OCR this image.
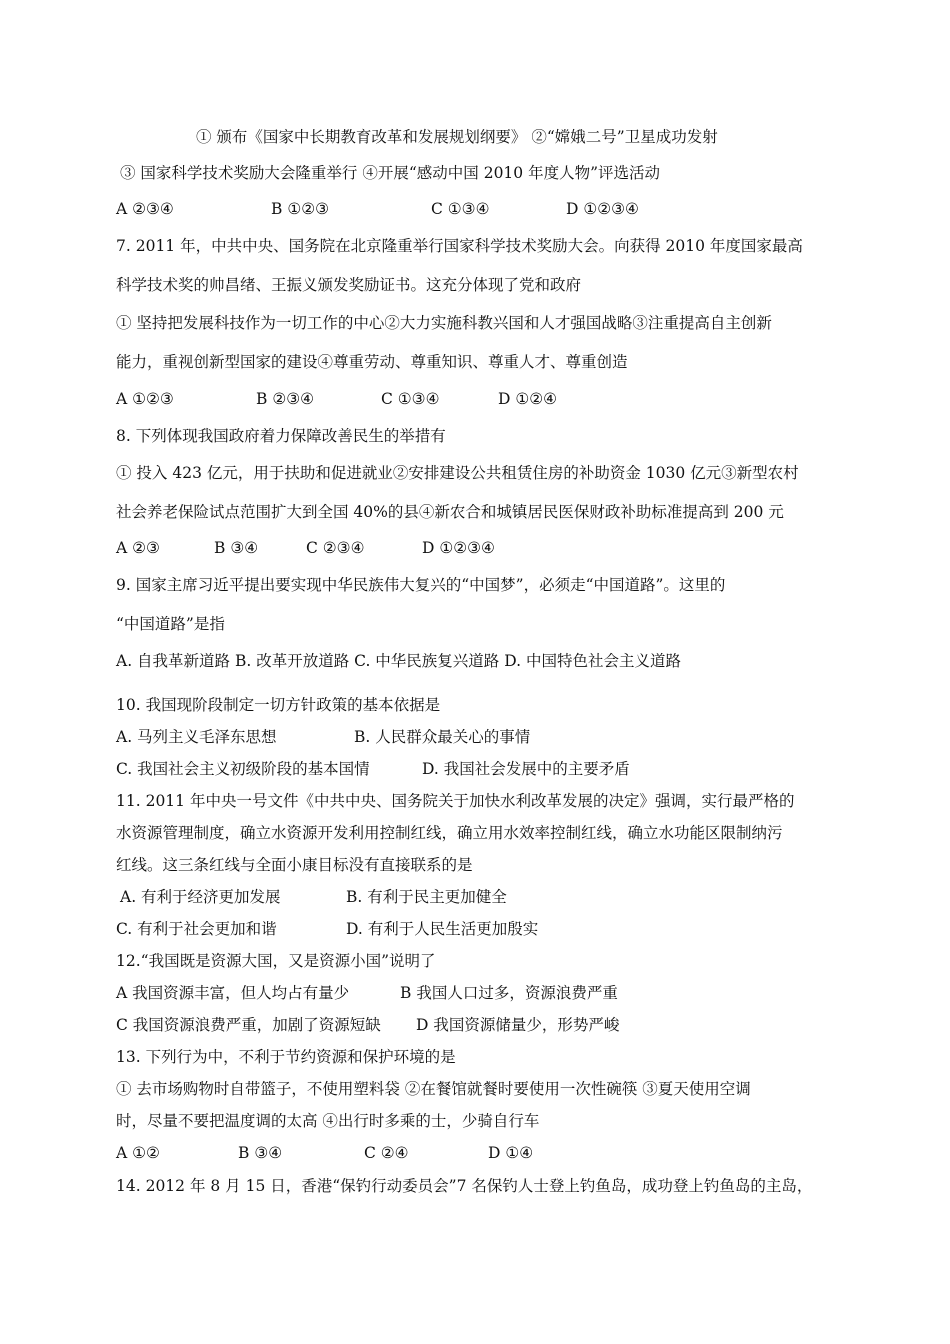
① 颁布《国家中长期教育改革和发展规划纲要》 ②“嫦娥二号”卫星成功发射
③ 国家科学技术奖励大会隆重举行 ④开展“感动中国 2010 年度人物”评选活动
A ②③④	B ①②③	C ①③④	D ①②③④
7. 2011 年，中共中央、国务院在北京隆重举行国家科学技术奖励大会。向获得 2010 年度国家最高
科学技术奖的帅昌绪、王振义颁发奖励证书。这充分体现了党和政府
① 坚持把发展科技作为一切工作的中心②大力实施科教兴国和人才强国战略③注重提高自主创新
能力，重视创新型国家的建设④尊重劳动、尊重知识、尊重人才、尊重创造
A ①②③	B ②③④	C ①③④	D ①②④
8. 下列体现我国政府着力保障改善民生的举措有
① 投入 423 亿元，用于扶助和促进就业②安排建设公共租赁住房的补助资金 1030 亿元③新型农村
社会养老保险试点范围扩大到全国 40%的县④新农合和城镇居民医保财政补助标准提高到 200 元
A ②③	B ③④	C ②③④	D ①②③④
9. 国家主席习近平提出要实现中华民族伟大复兴的“中国梦”，必须走“中国道路”。这里的
“中国道路”是指
A. 自我革新道路 B. 改革开放道路 C. 中华民族复兴道路 D. 中国特色社会主义道路
10. 我国现阶段制定一切方针政策的基本依据是
A. 马列主义毛泽东思想	B. 人民群众最关心的事情
C. 我国社会主义初级阶段的基本国情	D. 我国社会发展中的主要矛盾
11. 2011 年中央一号文件《中共中央、国务院关于加快水利改革发展的决定》强调，实行最严格的
水资源管理制度，确立水资源开发利用控制红线，确立用水效率控制红线，确立水功能区限制纳污
红线。这三条红线与全面小康目标没有直接联系的是
A. 有利于经济更加发展	B. 有利于民主更加健全
C. 有利于社会更加和谐	D. 有利于人民生活更加殷实
12.“我国既是资源大国，又是资源小国”说明了
A 我国资源丰富，但人均占有量少	B 我国人口过多，资源浪费严重
C 我国资源浪费严重，加剧了资源短缺 D 我国资源储量少，形势严峻
13. 下列行为中，不利于节约资源和保护环境的是
① 去市场购物时自带篮子，不使用塑料袋 ②在餐馆就餐时要使用一次性碗筷 ③夏天使用空调
时，尽量不要把温度调的太高 ④出行时多乘的士，少骑自行车
A ①②	B ③④	C ②④	D ①④
14. 2012 年 8 月 15 日，香港“保钓行动委员会”7 名保钓人士登上钓鱼岛，成功登上钓鱼岛的主岛，
